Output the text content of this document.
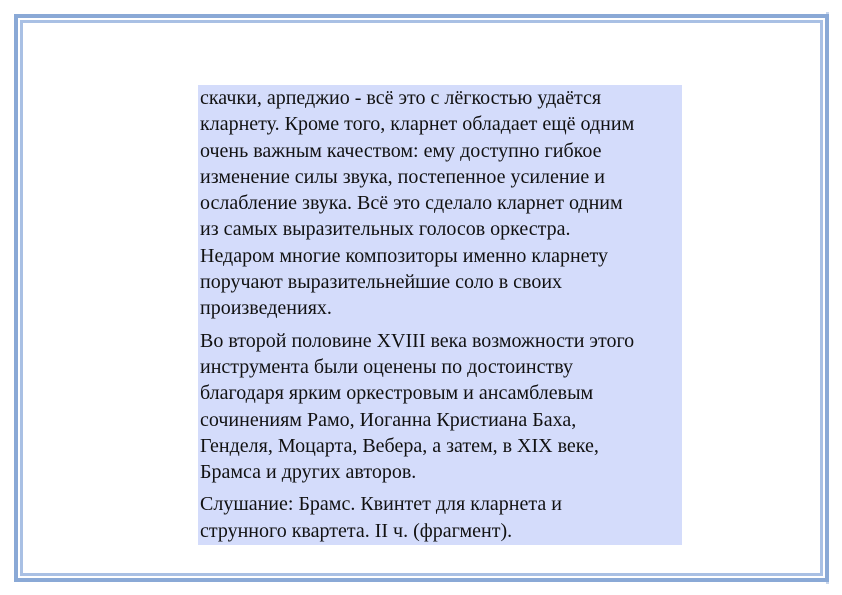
скачки, арпеджио - всё это с лёгкостью удаётся
кларнету. Кроме того, кларнет обладает ещё одним
очень важным качеством: ему доступно гибкое
изменение силы звука, постепенное усиление и
ослабление звука. Всё это сделало кларнет одним
из самых выразительных голосов оркестра.
Недаром многие композиторы именно кларнету
поручают выразительнейшие соло в своих
произведениях.

Во второй половине XVIII века возможности этого
инструмента были оценены по достоинству
благодаря ярким оркестровым и ансамблевым
сочинениям Рамо, Иоганна Кристиана Баха,
Генделя, Моцарта, Вебера, а затем, в XIX веке,
Брамса и других авторов.

Слушание: Брамс. Квинтет для кларнета и
струнного квартета. II ч. (фрагмент).
